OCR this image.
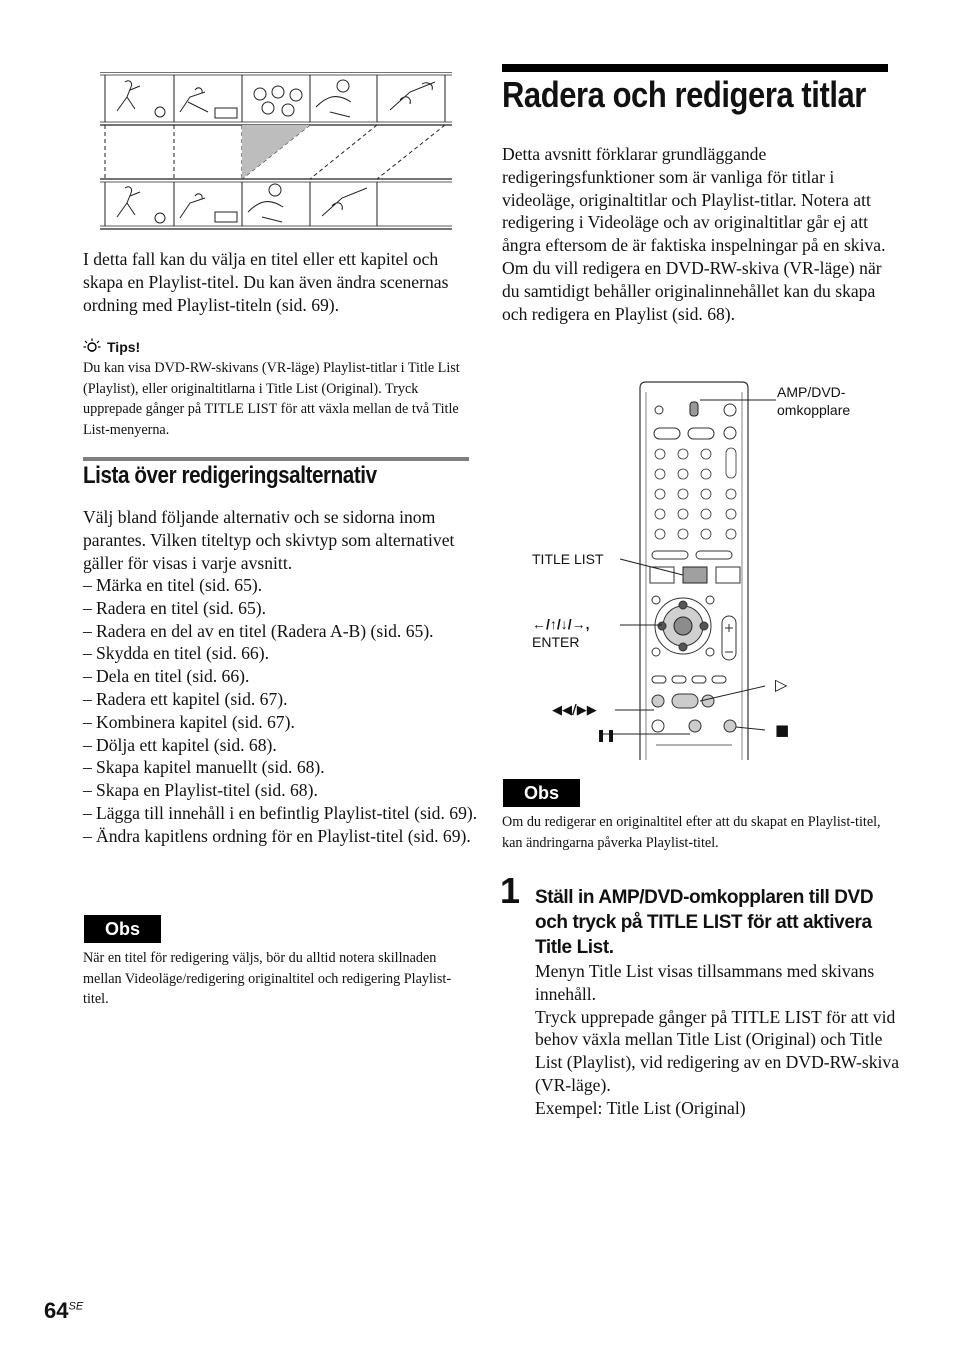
I detta fall kan du välja en titel eller ett kapitel och skapa en Playlist-titel. Du kan även ändra scenernas ordning med Playlist-titeln (sid. 69).
Tips!
Du kan visa DVD-RW-skivans (VR-läge) Playlist-titlar i Title List (Playlist), eller originaltitlarna i Title List (Original). Tryck upprepade gånger på TITLE LIST för att växla mellan de två Title List-menyerna.
Lista över redigeringsalternativ
Välj bland följande alternativ och se sidorna inom parantes. Vilken titeltyp och skivtyp som alternativet gäller för visas i varje avsnitt.
– Märka en titel (sid. 65).
– Radera en titel (sid. 65).
– Radera en del av en titel (Radera A-B) (sid. 65).
– Skydda en titel (sid. 66).
– Dela en titel (sid. 66).
– Radera ett kapitel (sid. 67).
– Kombinera kapitel (sid. 67).
– Dölja ett kapitel (sid. 68).
– Skapa kapitel manuellt (sid. 68).
– Skapa en Playlist-titel (sid. 68).
– Lägga till innehåll i en befintlig Playlist-titel (sid. 69).
– Ändra kapitlens ordning för en Playlist-titel (sid. 69).
Obs
När en titel för redigering väljs, bör du alltid notera skillnaden mellan Videoläge/redigering originaltitel och redigering Playlist-titel.
Radera och redigera titlar
Detta avsnitt förklarar grundläggande redigeringsfunktioner som är vanliga för titlar i videoläge, originaltitlar och Playlist-titlar. Notera att redigering i Videoläge och av originaltitlar går ej att ångra eftersom de är faktiska inspelningar på en skiva. Om du vill redigera en DVD-RW-skiva (VR-läge) när du samtidigt behåller originalinnehållet kan du skapa och redigera en Playlist (sid. 68).
AMP/DVD-
omkopplare
TITLE LIST
←/↑/↓/→,
ENTER
◀◀/▶▶
❚❚
▷
■
Obs
Om du redigerar en originaltitel efter att du skapat en Playlist-titel, kan ändringarna påverka Playlist-titel.
1 Ställ in AMP/DVD-omkopplaren till DVD och tryck på TITLE LIST för att aktivera Title List.

Menyn Title List visas tillsammans med skivans innehåll.

Tryck upprepade gånger på TITLE LIST för att vid behov växla mellan Title List (Original) och Title List (Playlist), vid redigering av en DVD-RW-skiva (VR-läge).

Exempel: Title List (Original)

$64^{SE}$
